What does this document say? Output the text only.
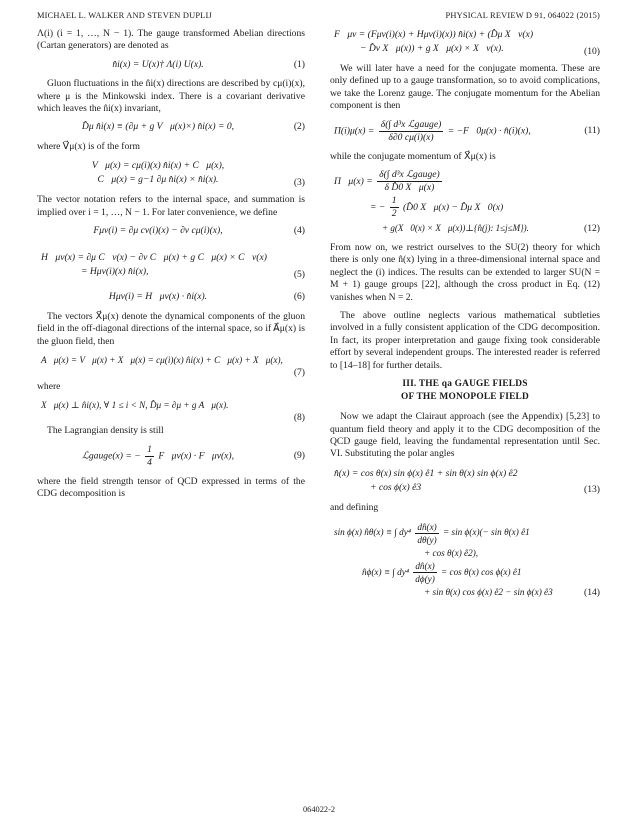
MICHAEL L. WALKER AND STEVEN DUPLIJ	PHYSICAL REVIEW D 91, 064022 (2015)

Λ(i) (i = 1, …, N − 1). The gauge transformed Abelian directions (Cartan generators) are denoted as

n̂i(x) = U(x)† Λ(i) U(x).	(1)

Gluon fluctuations in the n̂i(x) directions are described by cμ(i)(x), where μ is the Minkowski index. There is a covariant derivative which leaves the n̂i(x) invariant,

D̂μ n̂i(x) ≡ (∂μ + g V⃗μ(x)×) n̂i(x) = 0,	(2)

where V⃗μ(x) is of the form

V⃗μ(x) = cμ(i)(x) n̂i(x) + C⃗μ(x),
C⃗μ(x) = g−1 ∂μ n̂i(x) × n̂i(x).	(3)

The vector notation refers to the internal space, and summation is implied over i = 1, …, N − 1. For later convenience, we define

Fμν(i) = ∂μ cν(i)(x) − ∂ν cμ(i)(x),	(4)
H⃗μν(x) = ∂μ C⃗ν(x) − ∂ν C⃗μ(x) + g C⃗μ(x) × C⃗ν(x)
= Hμν(i)(x) n̂i(x),	(5)
Hμν(i) = H⃗μν(x) · n̂i(x).	(6)

The vectors X⃗μ(x) denote the dynamical components of the gluon field in the off-diagonal directions of the internal space, so if A⃗μ(x) is the gluon field, then

A⃗μ(x) = V⃗μ(x) + X⃗μ(x) = cμ(i)(x) n̂i(x) + C⃗μ(x) + X⃗μ(x),
(7)

where

X⃗μ(x) ⊥ n̂i(x), ∀ 1 ≤ i < N, D̂μ = ∂μ + g A⃗μ(x).
(8)

The Lagrangian density is still

ℒgauge(x) = − $\frac{1}{4}$ F⃗μν(x) · F⃗μν(x),	(9)

where the field strength tensor of QCD expressed in terms of the CDG decomposition is

F⃗μν = (Fμν(i)(x) + Hμν(i)(x)) n̂i(x) + (D̂μ X⃗ν(x)
− D̂ν X⃗μ(x)) + g X⃗μ(x) × X⃗ν(x).	(10)

We will later have a need for the conjugate momenta. These are only defined up to a gauge transformation, so to avoid complications, we take the Lorenz gauge. The conjugate momentum for the Abelian component is then

$\Pi(i)\mu(x) = \frac{\text{δ(∫ d³x ℒgauge)}}{\delta\partial 0 c\mu(i)(x)}$ = −F⃗0μ(x) · n̂(i)(x),	(11)

while the conjugate momentum of X⃗μ(x) is

Π⃗μ(x) = $\frac{\text{δ(∫ d³x ℒgauge)}}{\text{δ D̂0 X⃗μ(x)}}$
= − $\frac{1}{2}$ (D̂0 X⃗μ(x) − D̂μ X⃗0(x)
+ g(X⃗0(x) × X⃗μ(x))⊥{n̂(j): 1≤j≤M}).	(12)

From now on, we restrict ourselves to the SU(2) theory for which there is only one n̂(x) lying in a three-dimensional internal space and neglect the (i) indices. The results can be extended to larger SU(N = M + 1) gauge groups [22], although the cross product in Eq. (12) vanishes when N = 2.

The above outline neglects various mathematical subtleties involved in a fully consistent application of the CDG decomposition. In fact, its proper interpretation and gauge fixing took considerable effort by several independent groups. The interested reader is referred to [14–18] for further details.

III. THE qa GAUGE FIELDS
OF THE MONOPOLE FIELD

Now we adapt the Clairaut approach (see the Appendix) [5,23] to quantum field theory and apply it to the CDG decomposition of the QCD gauge field, leaving the fundamental representation until Sec. VI. Substituting the polar angles

n̂(x) = cos θ(x) sin ϕ(x) ê1 + sin θ(x) sin ϕ(x) ê2
+ cos ϕ(x) ê3	(13)

and defining

sin ϕ(x) n̂θ(x) ≡ ∫ $dy^4 \frac{dn̂(x)}{d\theta(y)} = \sin \phi(x)(- \sin \theta(x)$ ê1
+ cos θ(x) ê2),
n̂ϕ(x) ≡ ∫ $dy^4 \frac{dn̂(x)}{d\phi(y)} = \cos \theta(x)$ cos ϕ(x) ê1
+ sin θ(x) cos ϕ(x) ê2 − sin ϕ(x) ê3	(14)
064022-2
